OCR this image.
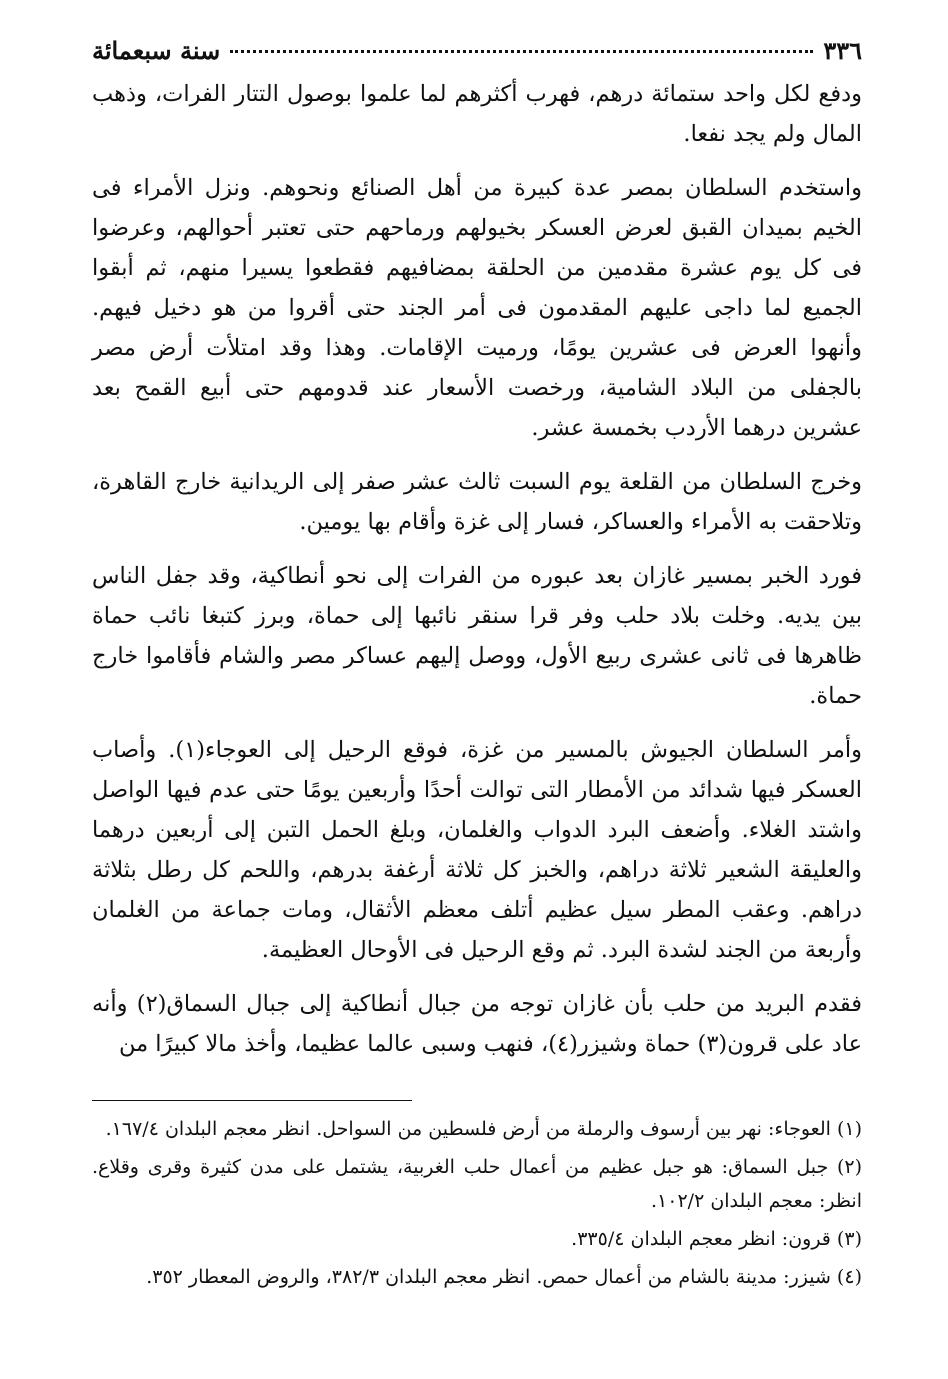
٣٣٦
سنة سبعمائة

ودفع لكل واحد ستمائة درهم، فهرب أكثرهم لما علموا بوصول التتار الفرات، وذهب المال ولم يجد نفعا.

واستخدم السلطان بمصر عدة كبيرة من أهل الصنائع ونحوهم. ونزل الأمراء فى الخيم بميدان القبق لعرض العسكر بخيولهم ورماحهم حتى تعتبر أحوالهم، وعرضوا فى كل يوم عشرة مقدمين من الحلقة بمضافيهم فقطعوا يسيرا منهم، ثم أبقوا الجميع لما داجى عليهم المقدمون فى أمر الجند حتى أقروا من هو دخيل فيهم. وأنهوا العرض فى عشرين يومًا، ورميت الإقامات. وهذا وقد امتلأت أرض مصر بالجفلى من البلاد الشامية، ورخصت الأسعار عند قدومهم حتى أبيع القمح بعد عشرين درهما الأردب بخمسة عشر.

وخرج السلطان من القلعة يوم السبت ثالث عشر صفر إلى الريدانية خارج القاهرة، وتلاحقت به الأمراء والعساكر، فسار إلى غزة وأقام بها يومين.

فورد الخبر بمسير غازان بعد عبوره من الفرات إلى نحو أنطاكية، وقد جفل الناس بين يديه. وخلت بلاد حلب وفر قرا سنقر نائبها إلى حماة، وبرز كتبغا نائب حماة ظاهرها فى ثانى عشرى ربيع الأول، ووصل إليهم عساكر مصر والشام فأقاموا خارج حماة.

وأمر السلطان الجيوش بالمسير من غزة، فوقع الرحيل إلى العوجاء(١). وأصاب العسكر فيها شدائد من الأمطار التى توالت أحدًا وأربعين يومًا حتى عدم فيها الواصل واشتد الغلاء. وأضعف البرد الدواب والغلمان، وبلغ الحمل التبن إلى أربعين درهما والعليقة الشعير ثلاثة دراهم، والخبز كل ثلاثة أرغفة بدرهم، واللحم كل رطل بثلاثة دراهم. وعقب المطر سيل عظيم أتلف معظم الأثقال، ومات جماعة من الغلمان وأربعة من الجند لشدة البرد. ثم وقع الرحيل فى الأوحال العظيمة.

فقدم البريد من حلب بأن غازان توجه من جبال أنطاكية إلى جبال السماق(٢) وأنه عاد على قرون(٣) حماة وشيزر(٤)، فنهب وسبى عالما عظيما، وأخذ مالا كبيرًا من

(١) العوجاء: نهر بين أرسوف والرملة من أرض فلسطين من السواحل. انظر معجم البلدان ١٦٧/٤.

(٢) جبل السماق: هو جبل عظيم من أعمال حلب الغربية، يشتمل على مدن كثيرة وقرى وقلاع. انظر: معجم البلدان ١٠٢/٢.

(٣) قرون: انظر معجم البلدان ٣٣٥/٤.

(٤) شيزر: مدينة بالشام من أعمال حمص. انظر معجم البلدان ٣٨٢/٣، والروض المعطار ٣٥٢.
